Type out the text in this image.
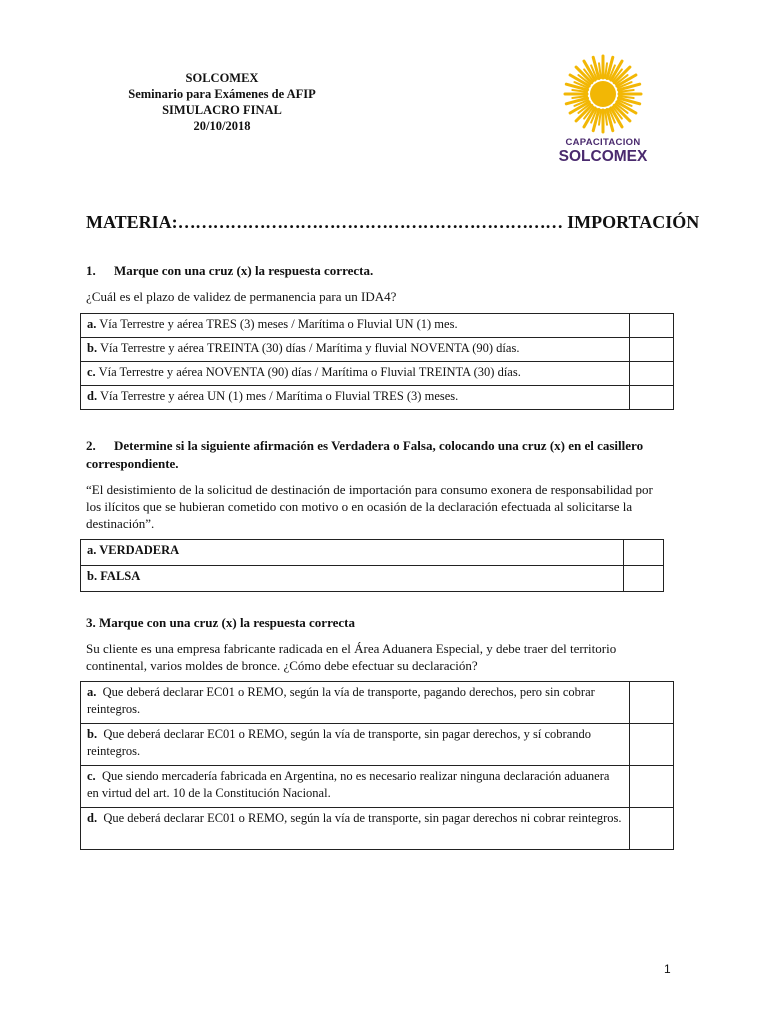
SOLCOMEX
Seminario para Exámenes de AFIP
SIMULACRO FINAL
20/10/2018
CAPACITACION
SOLCOMEX
MATERIA:………………………………………………………… IMPORTACIÓN
1. Marque con una cruz (x) la respuesta correcta.
¿Cuál es el plazo de validez de permanencia para un IDA4?
a. Vía Terrestre y aérea TRES (3) meses / Marítima o Fluvial UN (1) mes.	
b. Vía Terrestre y aérea TREINTA (30) días / Marítima y fluvial NOVENTA (90) días.	
c. Vía Terrestre y aérea NOVENTA (90) días / Marítima o Fluvial TREINTA (30) días.	
d. Vía Terrestre y aérea UN (1) mes / Marítima o Fluvial TRES (3) meses.	
2. Determine si la siguiente afirmación es Verdadera o Falsa, colocando una cruz (x) en el casillero correspondiente.
“El desistimiento de la solicitud de destinación de importación para consumo exonera de responsabilidad por los ilícitos que se hubieran cometido con motivo o en ocasión de la declaración efectuada al solicitarse la destinación”.
a. VERDADERA	
b. FALSA	
3. Marque con una cruz (x) la respuesta correcta
Su cliente es una empresa fabricante radicada en el Área Aduanera Especial, y debe traer del territorio continental, varios moldes de bronce. ¿Cómo debe efectuar su declaración?
a. Que deberá declarar EC01 o REMO, según la vía de transporte, pagando derechos, pero sin cobrar reintegros.	
b. Que deberá declarar EC01 o REMO, según la vía de transporte, sin pagar derechos, y sí cobrando reintegros.	
c. Que siendo mercadería fabricada en Argentina, no es necesario realizar ninguna declaración aduanera en virtud del art. 10 de la Constitución Nacional.	
d. Que deberá declarar EC01 o REMO, según la vía de transporte, sin pagar derechos ni cobrar reintegros.	
1
